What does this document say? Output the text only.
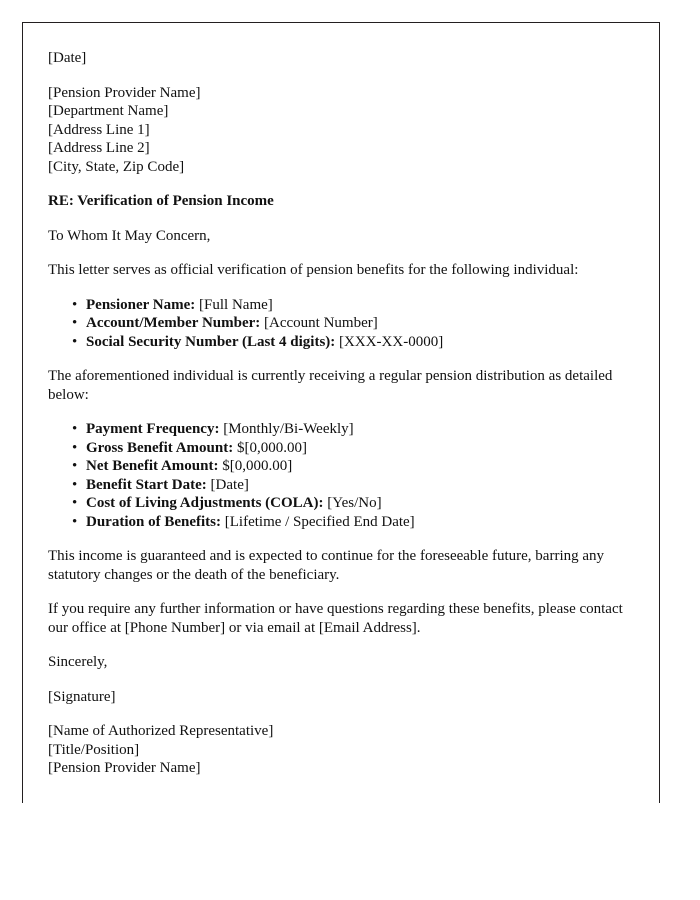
[Date]
[Pension Provider Name]
[Department Name]
[Address Line 1]
[Address Line 2]
[City, State, Zip Code]

RE: Verification of Pension Income

To Whom It May Concern,

This letter serves as official verification of pension benefits for the following individual:

• Pensioner Name: [Full Name]
• Account/Member Number: [Account Number]
• Social Security Number (Last 4 digits): [XXX-XX-0000]

The aforementioned individual is currently receiving a regular pension distribution as detailed below:

• Payment Frequency: [Monthly/Bi-Weekly]
• Gross Benefit Amount: $[0,000.00]
• Net Benefit Amount: $[0,000.00]
• Benefit Start Date: [Date]
• Cost of Living Adjustments (COLA): [Yes/No]
• Duration of Benefits: [Lifetime / Specified End Date]

This income is guaranteed and is expected to continue for the foreseeable future, barring any statutory changes or the death of the beneficiary.

If you require any further information or have questions regarding these benefits, please contact our office at [Phone Number] or via email at [Email Address].

Sincerely,

[Signature]

[Name of Authorized Representative]
[Title/Position]
[Pension Provider Name]
